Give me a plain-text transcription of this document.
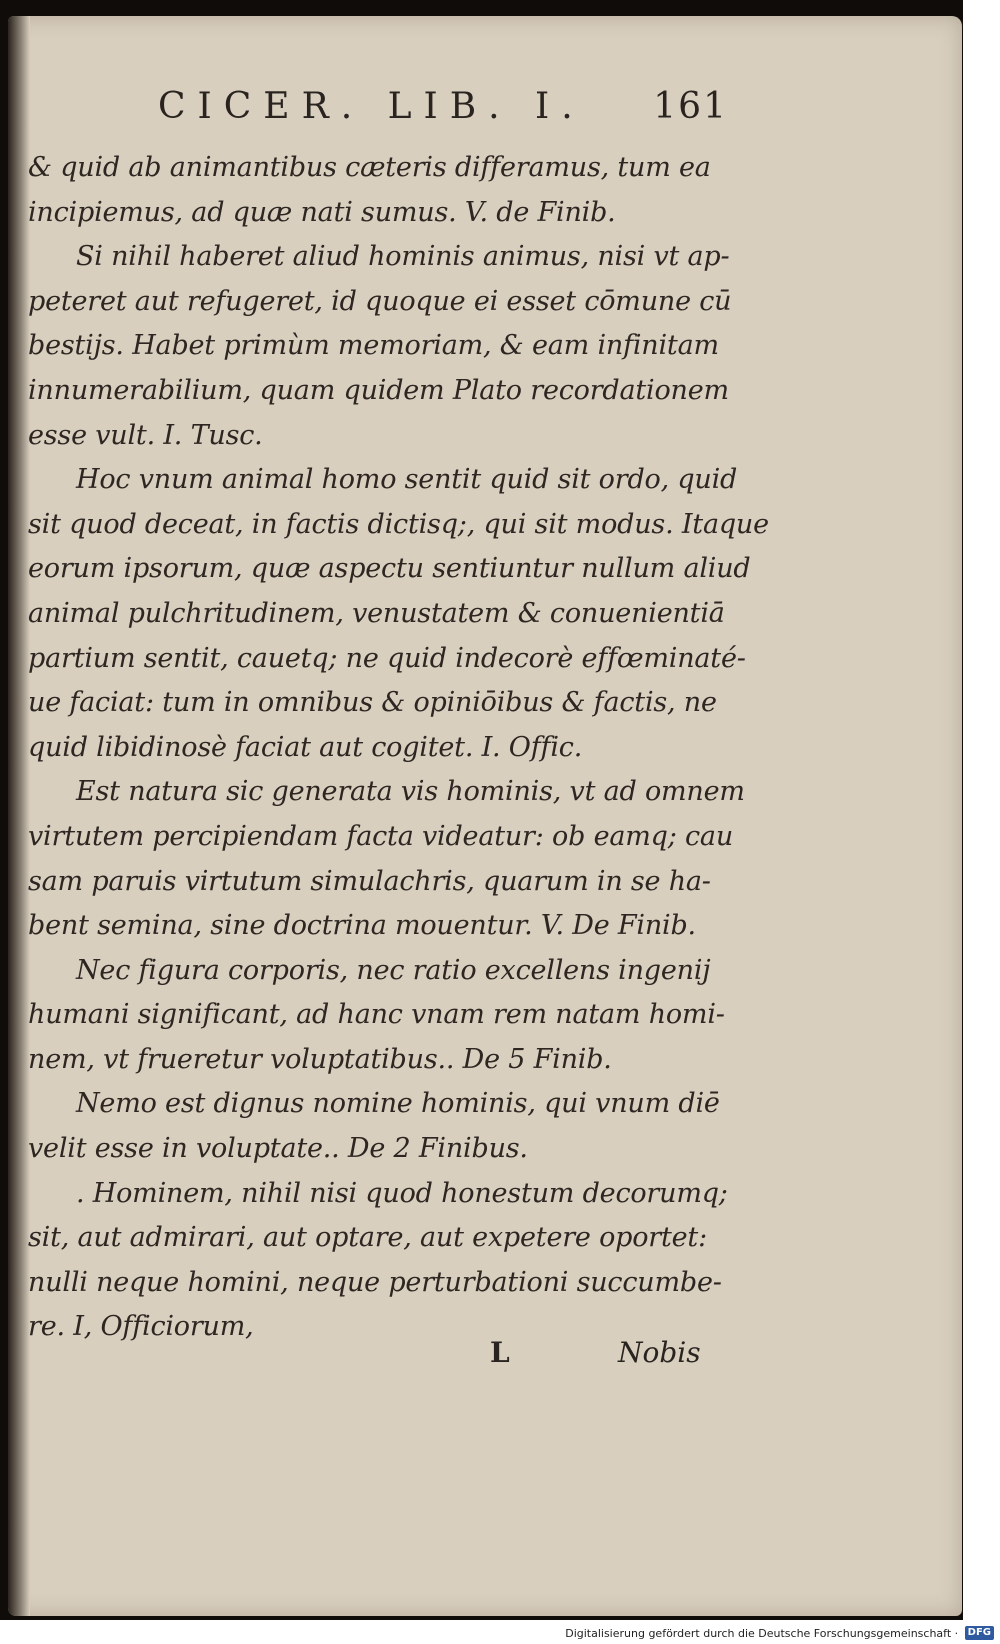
CICER. LIB. I. 161
& quid ab animantibus cæteris differamus, tum ea
incipiemus, ad quæ nati sumus. V. de Finib.
Si nihil haberet aliud hominis animus, nisi vt ap-
peteret aut refugeret, id quoque ei esset cōmune cū
bestijs. Habet primùm memoriam, & eam infinitam
innumerabilium, quam quidem Plato recordationem
esse vult. I. Tusc.
Hoc vnum animal homo sentit quid sit ordo, quid
sit quod deceat, in factis dictisq;, qui sit modus. Itaque
eorum ipsorum, quæ aspectu sentiuntur nullum aliud
animal pulchritudinem, venustatem & conuenientiā
partium sentit, cauetq; ne quid indecorè effœminaté-
ue faciat: tum in omnibus & opiniōibus & factis, ne
quid libidinosè faciat aut cogitet. I. Offic.
Est natura sic generata vis hominis, vt ad omnem
virtutem percipiendam facta videatur: ob eamq; cau
sam paruis virtutum simulachris, quarum in se ha-
bent semina, sine doctrina mouentur. V. De Finib.
Nec figura corporis, nec ratio excellens ingenij
humani significant, ad hanc vnam rem natam homi-
nem, vt frueretur voluptatibus.. De 5 Finib.
Nemo est dignus nomine hominis, qui vnum diē
velit esse in voluptate.. De 2 Finibus.
. Hominem, nihil nisi quod honestum decorumq;
sit, aut admirari, aut optare, aut expetere oportet:
nulli neque homini, neque perturbationi succumbe-
re. I, Officiorum,
L	Nobis
Digitalisierung gefördert durch die Deutsche Forschungsgemeinschaft · DFG
